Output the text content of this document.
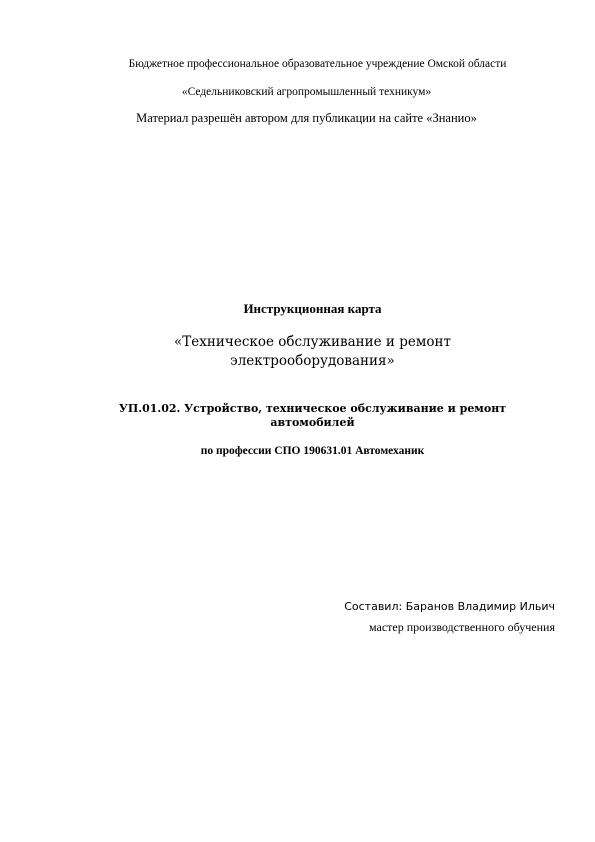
Бюджетное профессиональное образовательное учреждение Омской области
«Седельниковский агропромышленный техникум»
Материал разрешён автором для публикации на сайте «Знанио»
Инструкционная карта
«Техническое обслуживание и ремонт
электрооборудования»
УП.01.02. Устройство, техническое обслуживание и ремонт
автомобилей
по профессии СПО 190631.01 Автомеханик
Составил: Баранов Владимир Ильич
мастер производственного обучения
